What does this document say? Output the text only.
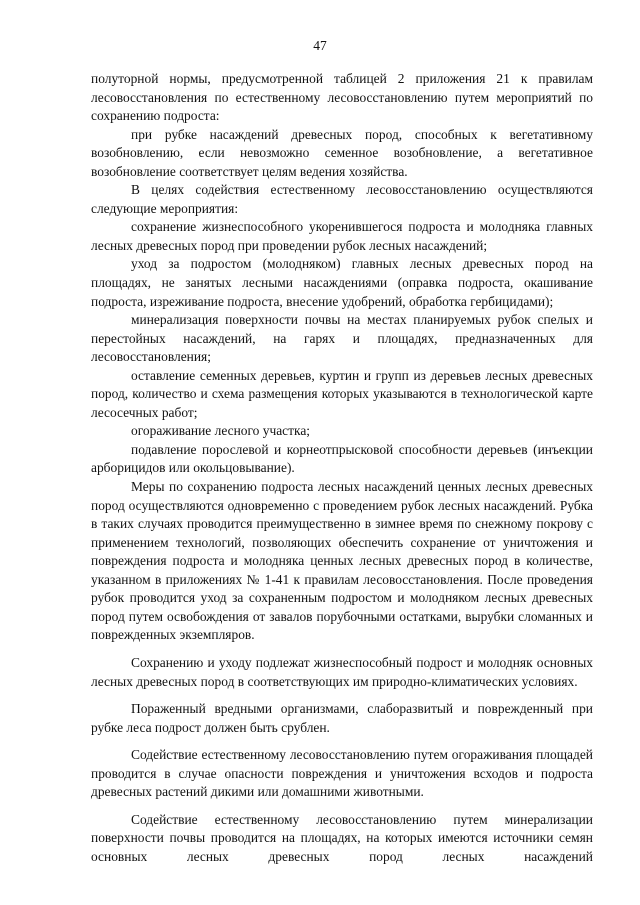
47

полуторной нормы, предусмотренной таблицей 2 приложения 21 к правилам лесовосстановления по естественному лесовосстановлению путем мероприятий по сохранению подроста:

при рубке насаждений древесных пород, способных к вегетативному возобновлению, если невозможно семенное возобновление, а вегетативное возобновление соответствует целям ведения хозяйства.

В целях содействия естественному лесовосстановлению осуществляются следующие мероприятия:

сохранение жизнеспособного укоренившегося подроста и молодняка главных лесных древесных пород при проведении рубок лесных насаждений;

уход за подростом (молодняком) главных лесных древесных пород на площадях, не занятых лесными насаждениями (оправка подроста, окашивание подроста, изреживание подроста, внесение удобрений, обработка гербицидами);

минерализация поверхности почвы на местах планируемых рубок спелых и перестойных насаждений, на гарях и площадях, предназначенных для лесовосстановления;

оставление семенных деревьев, куртин и групп из деревьев лесных древесных пород, количество и схема размещения которых указываются в технологической карте лесосечных работ;

огораживание лесного участка;

подавление порослевой и корнеотпрысковой способности деревьев (инъекции арборицидов или окольцовывание).

Меры по сохранению подроста лесных насаждений ценных лесных древесных пород осуществляются одновременно с проведением рубок лесных насаждений. Рубка в таких случаях проводится преимущественно в зимнее время по снежному покрову с применением технологий, позволяющих обеспечить сохранение от уничтожения и повреждения подроста и молодняка ценных лесных древесных пород в количестве, указанном в приложениях № 1-41 к правилам лесовосстановления. После проведения рубок проводится уход за сохраненным подростом и молодняком лесных древесных пород путем освобождения от завалов порубочными остатками, вырубки сломанных и поврежденных экземпляров.

Сохранению и уходу подлежат жизнеспособный подрост и молодняк основных лесных древесных пород в соответствующих им природно-климатических условиях.

Пораженный вредными организмами, слаборазвитый и поврежденный при рубке леса подрост должен быть срублен.

Содействие естественному лесовосстановлению путем огораживания площадей проводится в случае опасности повреждения и уничтожения всходов и подроста древесных растений дикими или домашними животными.

Содействие естественному лесовосстановлению путем минерализации поверхности почвы проводится на площадях, на которых имеются источники семян основных лесных древесных пород лесных насаждений
